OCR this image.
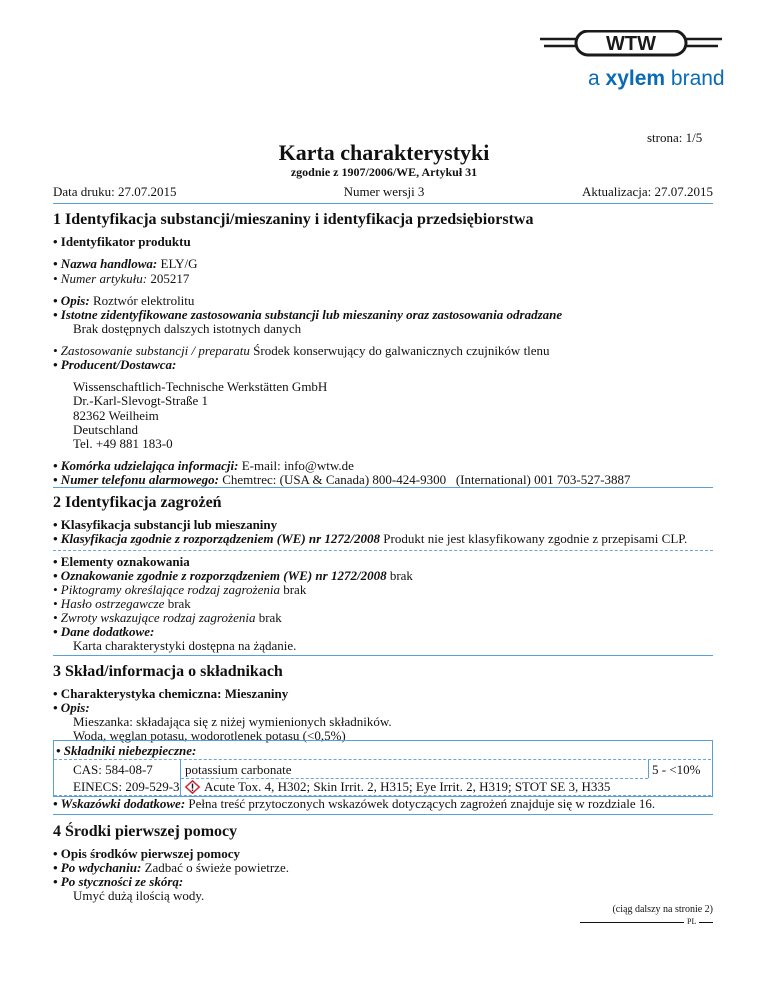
WTW
a xylem brand
strona: 1/5
Karta charakterystyki
zgodnie z 1907/2006/WE, Artykuł 31
Data druku: 27.07.2015	Numer wersji 3	Aktualizacja: 27.07.2015
1 Identyfikacja substancji/mieszaniny i identyfikacja przedsiębiorstwa
• Identyfikator produktu
• Nazwa handlowa: ELY/G
• Numer artykułu: 205217
• Opis: Roztwór elektrolitu
• Istotne zidentyfikowane zastosowania substancji lub mieszaniny oraz zastosowania odradzane
Brak dostępnych dalszych istotnych danych
• Zastosowanie substancji / preparatu Środek konserwujący do galwanicznych czujników tlenu
• Producent/Dostawca:
Wissenschaftlich-Technische Werkstätten GmbH
Dr.-Karl-Slevogt-Straße 1
82362 Weilheim
Deutschland
Tel. +49 881 183-0
• Komórka udzielająca informacji: E-mail: info@wtw.de
• Numer telefonu alarmowego: Chemtrec: (USA & Canada) 800-424-9300   (International) 001 703-527-3887
2 Identyfikacja zagrożeń
• Klasyfikacja substancji lub mieszaniny
• Klasyfikacja zgodnie z rozporządzeniem (WE) nr 1272/2008 Produkt nie jest klasyfikowany zgodnie z przepisami CLP.
• Elementy oznakowania
• Oznakowanie zgodnie z rozporządzeniem (WE) nr 1272/2008 brak
• Piktogramy określające rodzaj zagrożenia brak
• Hasło ostrzegawcze brak
• Zwroty wskazujące rodzaj zagrożenia brak
• Dane dodatkowe:
Karta charakterystyki dostępna na żądanie.
3 Skład/informacja o składnikach
• Charakterystyka chemiczna: Mieszaniny
• Opis:
Mieszanka: składająca się z niżej wymienionych składników.
Woda, węglan potasu, wodorotlenek potasu (<0,5%)
• Składniki niebezpieczne:
CAS: 584-08-7
EINECS: 209-529-3
potassium carbonate
Acute Tox. 4, H302; Skin Irrit. 2, H315; Eye Irrit. 2, H319; STOT SE 3, H335
5 - <10%
• Wskazówki dodatkowe: Pełna treść przytoczonych wskazówek dotyczących zagrożeń znajduje się w rozdziale 16.
4 Środki pierwszej pomocy
• Opis środków pierwszej pomocy
• Po wdychaniu: Zadbać o świeże powietrze.
• Po styczności ze skórą:
Umyć dużą ilością wody.
(ciąg dalszy na stronie 2)
PL
